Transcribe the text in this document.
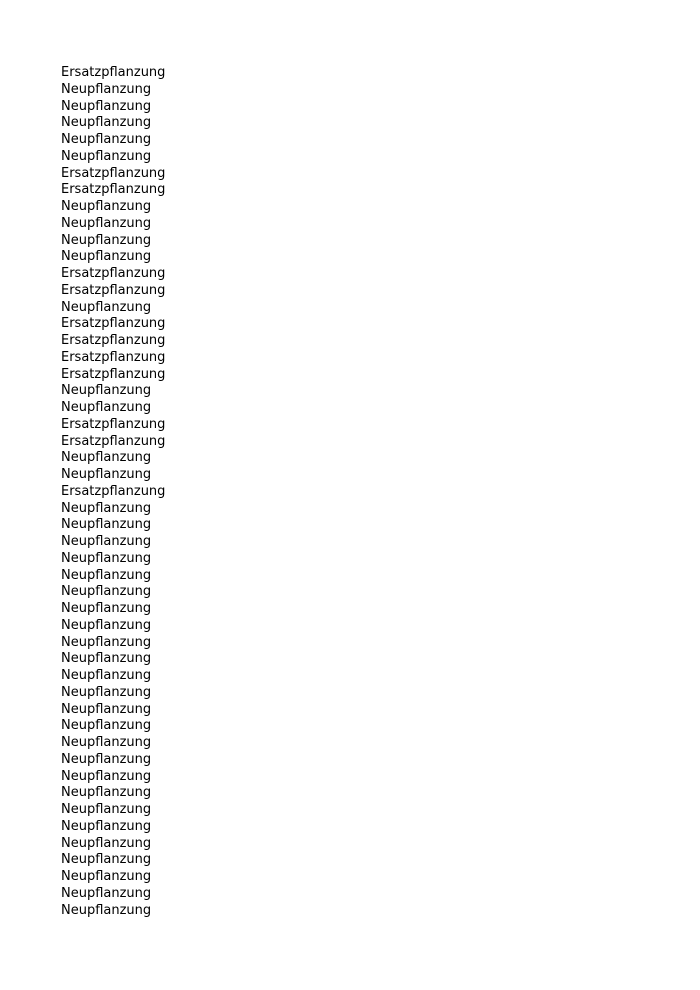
Ersatzpflanzung
Neupflanzung
Neupflanzung
Neupflanzung
Neupflanzung
Neupflanzung
Ersatzpflanzung
Ersatzpflanzung
Neupflanzung
Neupflanzung
Neupflanzung
Neupflanzung
Ersatzpflanzung
Ersatzpflanzung
Neupflanzung
Ersatzpflanzung
Ersatzpflanzung
Ersatzpflanzung
Ersatzpflanzung
Neupflanzung
Neupflanzung
Ersatzpflanzung
Ersatzpflanzung
Neupflanzung
Neupflanzung
Ersatzpflanzung
Neupflanzung
Neupflanzung
Neupflanzung
Neupflanzung
Neupflanzung
Neupflanzung
Neupflanzung
Neupflanzung
Neupflanzung
Neupflanzung
Neupflanzung
Neupflanzung
Neupflanzung
Neupflanzung
Neupflanzung
Neupflanzung
Neupflanzung
Neupflanzung
Neupflanzung
Neupflanzung
Neupflanzung
Neupflanzung
Neupflanzung
Neupflanzung
Neupflanzung
